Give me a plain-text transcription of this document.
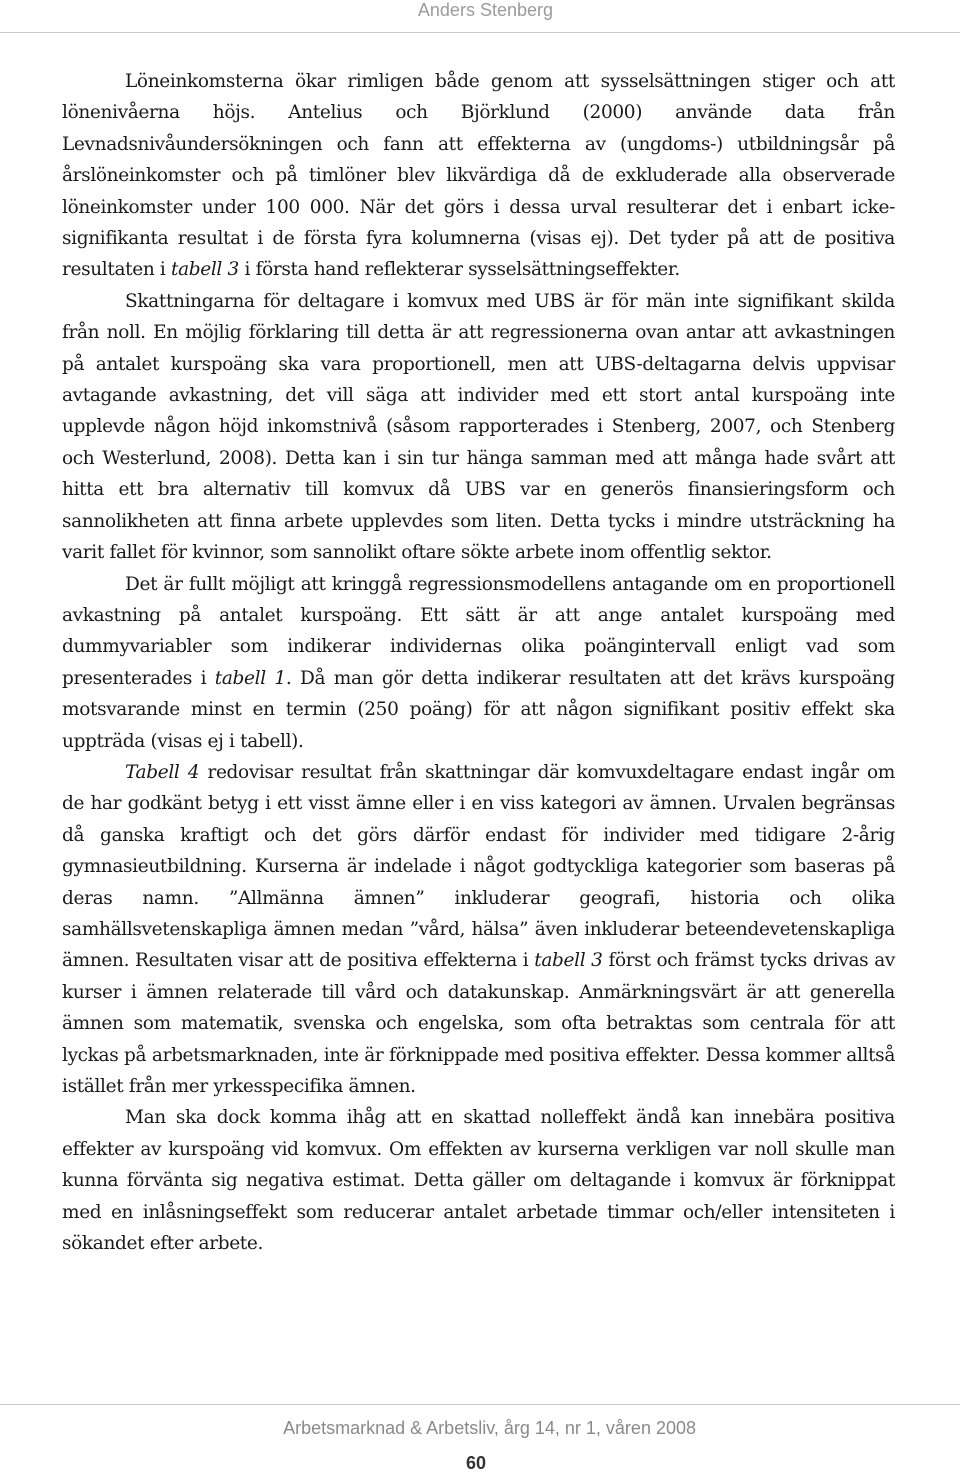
Anders Stenberg

Löneinkomsterna ökar rimligen både genom att sysselsättningen stiger och att lönenivåerna höjs. Antelius och Björklund (2000) använde data från Levnadsnivåundersökningen och fann att effekterna av (ungdoms-) utbildningsår på årslöneinkomster och på timlöner blev likvärdiga då de exkluderade alla observerade löneinkomster under 100 000. När det görs i dessa urval resulterar det i enbart icke-signifikanta resultat i de första fyra kolumnerna (visas ej). Det tyder på att de positiva resultaten i tabell 3 i första hand reflekterar sysselsättningseffekter.

Skattningarna för deltagare i komvux med UBS är för män inte signifikant skilda från noll. En möjlig förklaring till detta är att regressionerna ovan antar att avkastningen på antalet kurspoäng ska vara proportionell, men att UBS-deltagarna delvis uppvisar avtagande avkastning, det vill säga att individer med ett stort antal kurspoäng inte upplevde någon höjd inkomstnivå (såsom rapporterades i Stenberg, 2007, och Stenberg och Westerlund, 2008). Detta kan i sin tur hänga samman med att många hade svårt att hitta ett bra alternativ till komvux då UBS var en generös finansieringsform och sannolikheten att finna arbete upplevdes som liten. Detta tycks i mindre utsträckning ha varit fallet för kvinnor, som sannolikt oftare sökte arbete inom offentlig sektor.

Det är fullt möjligt att kringgå regressionsmodellens antagande om en proportionell avkastning på antalet kurspoäng. Ett sätt är att ange antalet kurspoäng med dummyvariabler som indikerar individernas olika poängintervall enligt vad som presenterades i tabell 1. Då man gör detta indikerar resultaten att det krävs kurspoäng motsvarande minst en termin (250 poäng) för att någon signifikant positiv effekt ska uppträda (visas ej i tabell).

Tabell 4 redovisar resultat från skattningar där komvuxdeltagare endast ingår om de har godkänt betyg i ett visst ämne eller i en viss kategori av ämnen. Urvalen begränsas då ganska kraftigt och det görs därför endast för individer med tidigare 2-årig gymnasieutbildning. Kurserna är indelade i något godtyckliga kategorier som baseras på deras namn. ”Allmänna ämnen” inkluderar geografi, historia och olika samhällsvetenskapliga ämnen medan ”vård, hälsa” även inkluderar beteendevetenskapliga ämnen. Resultaten visar att de positiva effekterna i tabell 3 först och främst tycks drivas av kurser i ämnen relaterade till vård och datakunskap. Anmärkningsvärt är att generella ämnen som matematik, svenska och engelska, som ofta betraktas som centrala för att lyckas på arbetsmarknaden, inte är förknippade med positiva effekter. Dessa kommer alltså istället från mer yrkesspecifika ämnen.

Man ska dock komma ihåg att en skattad nolleffekt ändå kan innebära positiva effekter av kurspoäng vid komvux. Om effekten av kurserna verkligen var noll skulle man kunna förvänta sig negativa estimat. Detta gäller om deltagande i komvux är förknippat med en inlåsningseffekt som reducerar antalet arbetade timmar och/eller intensiteten i sökandet efter arbete.

Arbetsmarknad & Arbetsliv, årg 14, nr 1, våren 2008
60
